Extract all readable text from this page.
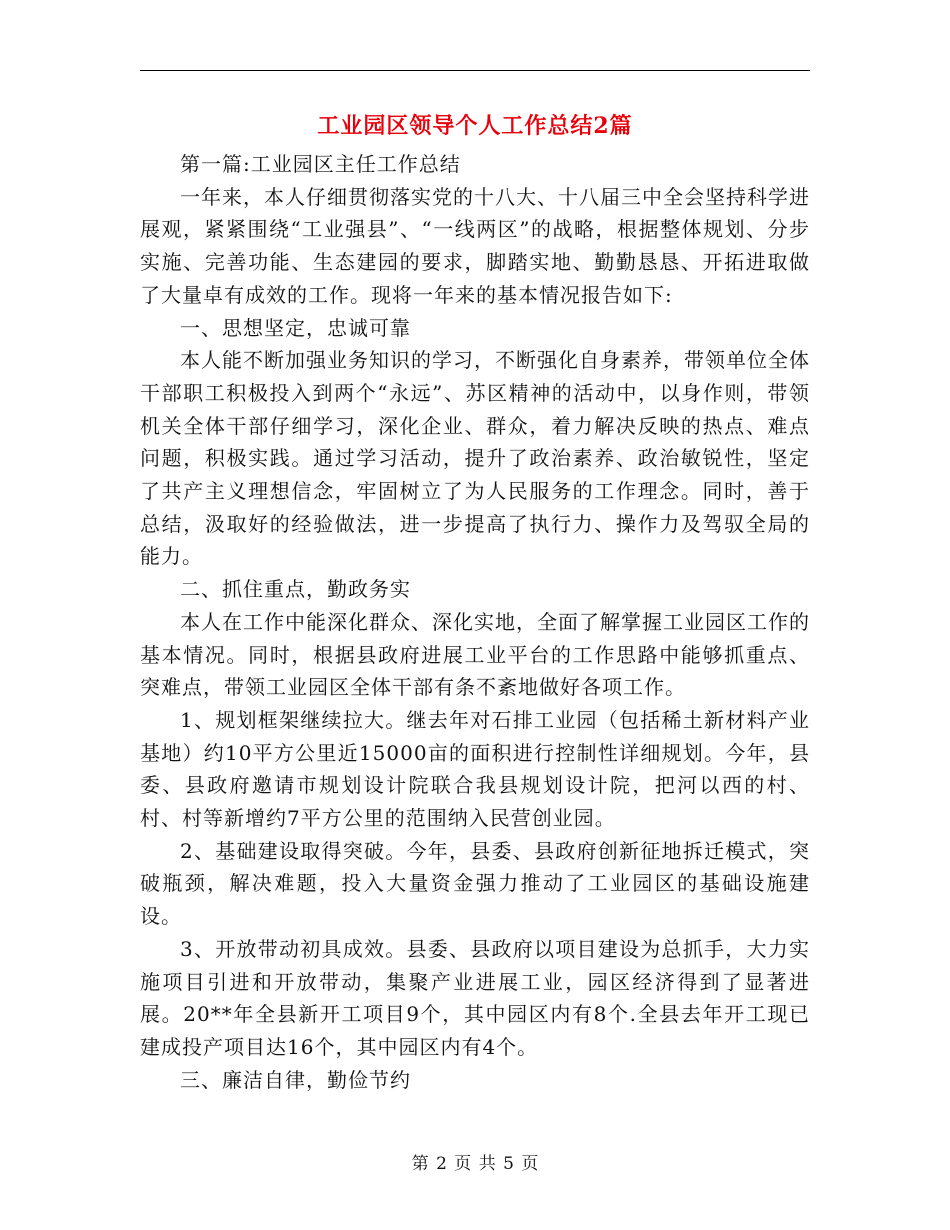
工业园区领导个人工作总结2篇

第一篇:工业园区主任工作总结

一年来，本人仔细贯彻落实党的十八大、十八届三中全会坚持科学进展观，紧紧围绕“工业强县”、“一线两区”的战略，根据整体规划、分步实施、完善功能、生态建园的要求，脚踏实地、勤勤恳恳、开拓进取做了大量卓有成效的工作。现将一年来的基本情况报告如下:

一、思想坚定，忠诚可靠

本人能不断加强业务知识的学习，不断强化自身素养，带领单位全体干部职工积极投入到两个“永远”、苏区精神的活动中，以身作则，带领机关全体干部仔细学习，深化企业、群众，着力解决反映的热点、难点问题，积极实践。通过学习活动，提升了政治素养、政治敏锐性，坚定了共产主义理想信念，牢固树立了为人民服务的工作理念。同时，善于总结，汲取好的经验做法，进一步提高了执行力、操作力及驾驭全局的能力。

二、抓住重点，勤政务实

本人在工作中能深化群众、深化实地，全面了解掌握工业园区工作的基本情况。同时，根据县政府进展工业平台的工作思路中能够抓重点、突难点，带领工业园区全体干部有条不紊地做好各项工作。

1、规划框架继续拉大。继去年对石排工业园（包括稀土新材料产业基地）约10平方公里近15000亩的面积进行控制性详细规划。今年，县委、县政府邀请市规划设计院联合我县规划设计院，把河以西的村、村、村等新增约7平方公里的范围纳入民营创业园。

2、基础建设取得突破。今年，县委、县政府创新征地拆迁模式，突破瓶颈，解决难题，投入大量资金强力推动了工业园区的基础设施建设。

3、开放带动初具成效。县委、县政府以项目建设为总抓手，大力实施项目引进和开放带动，集聚产业进展工业，园区经济得到了显著进展。20**年全县新开工项目9个，其中园区内有8个.全县去年开工现已建成投产项目达16个，其中园区内有4个。

三、廉洁自律，勤俭节约

第 2 页 共 5 页
